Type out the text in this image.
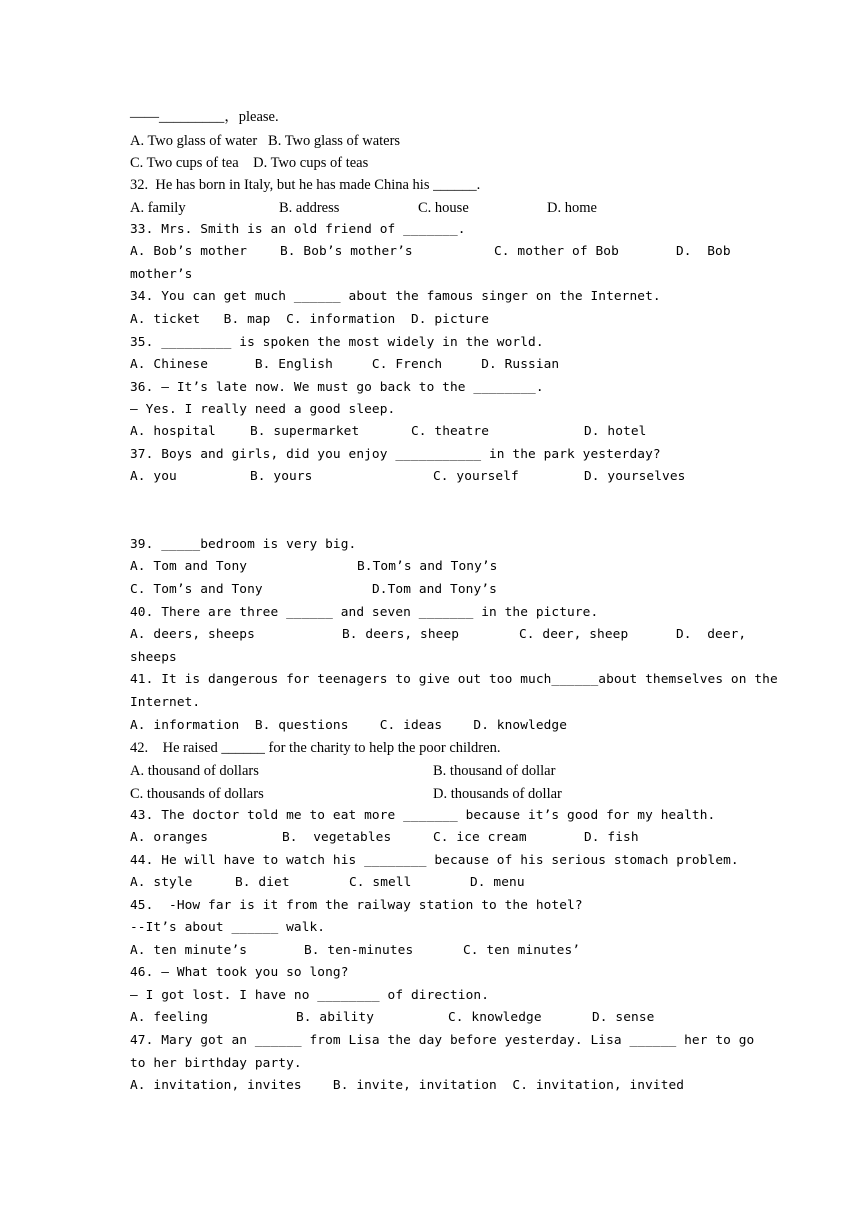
——_________，please.
A. Two glass of water   B. Two glass of waters
C. Two cups of tea    D. Two cups of teas
32.  He has born in Italy, but he has made China his ______.
A. family	B. address	C. house	D. home
33. Mrs. Smith is an old friend of _______.
A. Bob’s mother	B. Bob’s mother’s	C. mother of Bob	D.  Bob
mother’s
34. You can get much ______ about the famous singer on the Internet.
A. ticket   B. map  C. information  D. picture
35. _________ is spoken the most widely in the world.
A. Chinese      B. English     C. French     D. Russian
36. — It’s late now. We must go back to the ________.
— Yes. I really need a good sleep.
A. hospital	B. supermarket	C. theatre	D. hotel
37. Boys and girls, did you enjoy ___________ in the park yesterday?
A. you	B. yours	C. yourself	D. yourselves
39. _____bedroom is very big.
A. Tom and Tony	B.Tom’s and Tony’s
C. Tom’s and Tony	D.Tom and Tony’s
40. There are three ______ and seven _______ in the picture.
A. deers, sheeps	B. deers, sheep	C. deer, sheep	D.  deer,
sheeps
41. It is dangerous for teenagers to give out too much______about themselves on the
Internet.
A. information  B. questions    C. ideas    D. knowledge
42.    He raised ______ for the charity to help the poor children.
A. thousand of dollars	B. thousand of dollar
C. thousands of dollars	D. thousands of dollar
43. The doctor told me to eat more _______ because it’s good for my health.
A. oranges	B.  vegetables	C. ice cream	D. fish
44. He will have to watch his ________ because of his serious stomach problem.
A. style	B. diet	C. smell	D. menu
45.  -How far is it from the railway station to the hotel?
--It’s about ______ walk.
A. ten minute’s	B. ten-minutes	C. ten minutes’
46. — What took you so long?
— I got lost. I have no ________ of direction.
A. feeling	B. ability	C. knowledge	D. sense
47. Mary got an ______ from Lisa the day before yesterday. Lisa ______ her to go
to her birthday party.
A. invitation, invites    B. invite, invitation  C. invitation, invited
